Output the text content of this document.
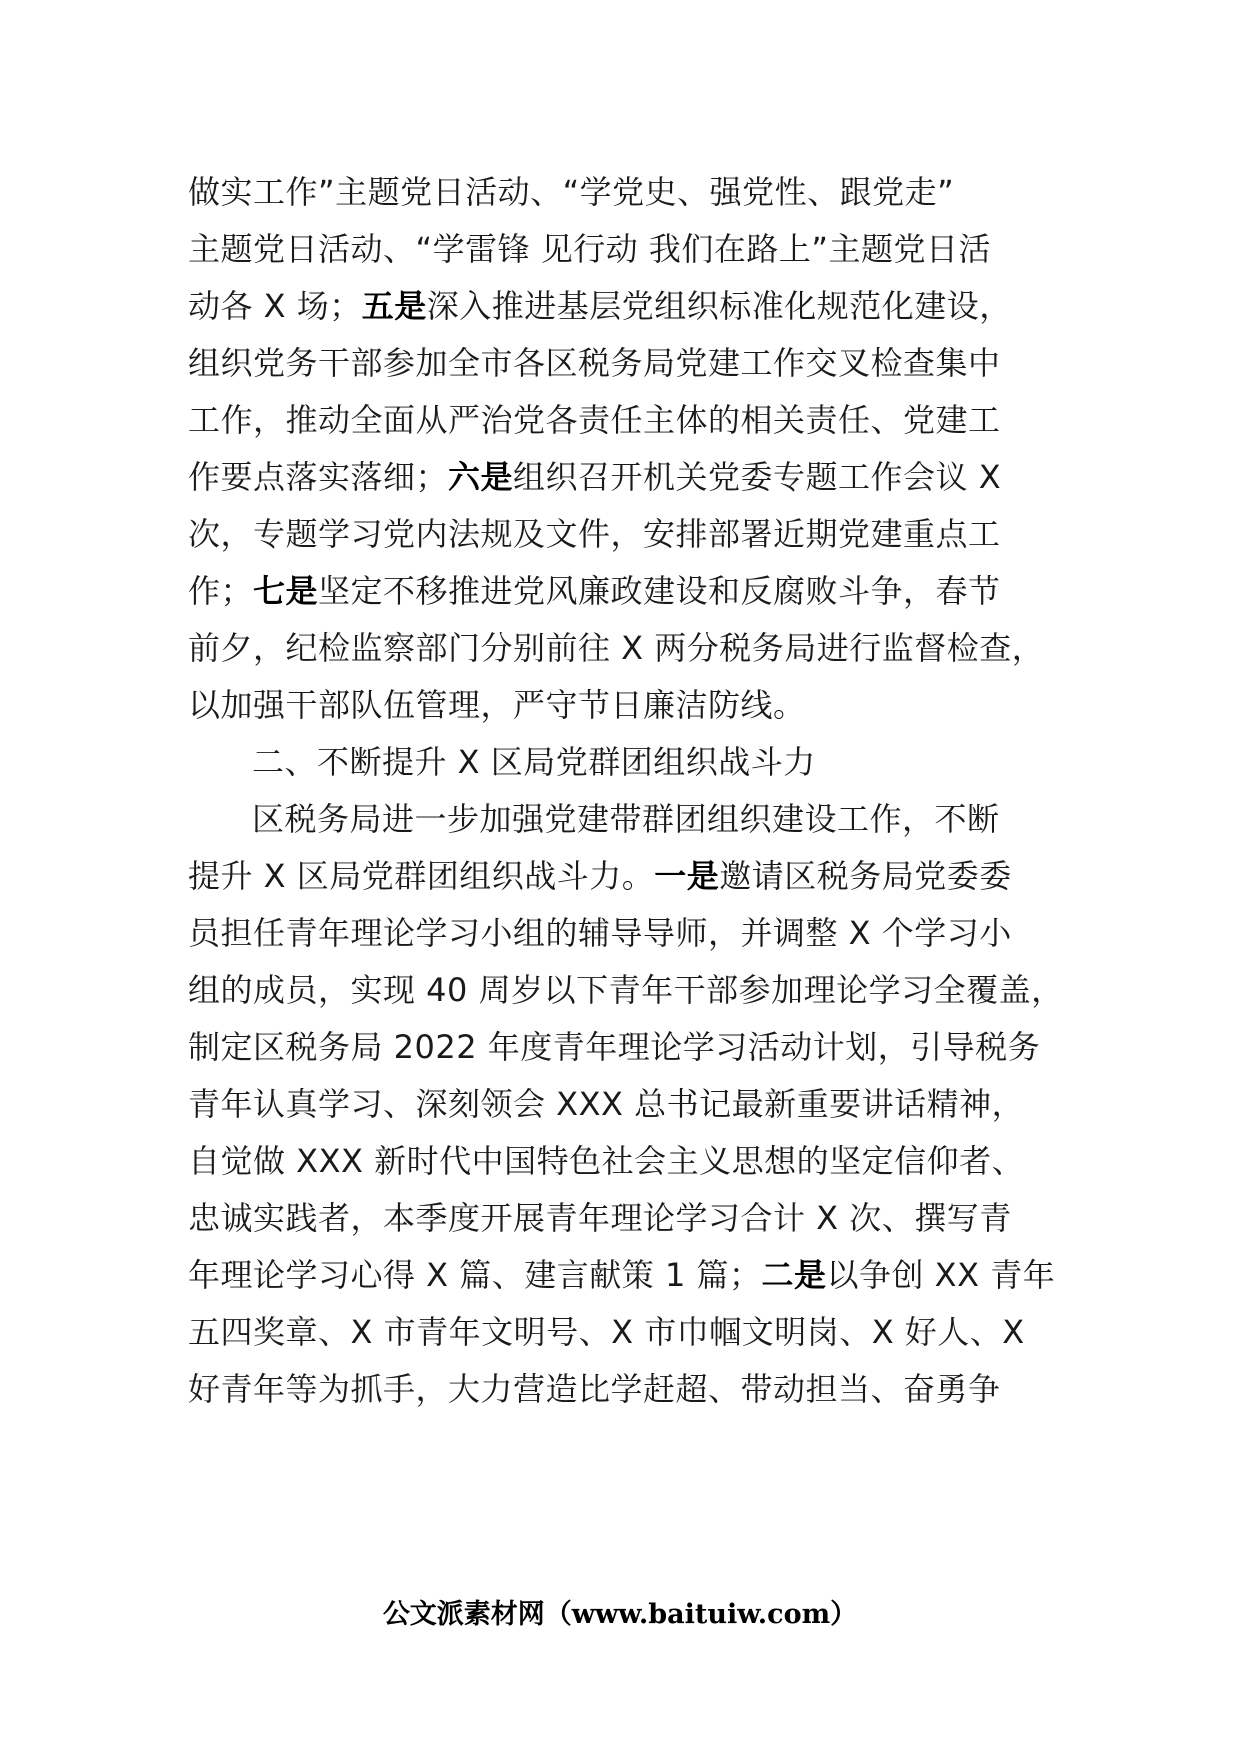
做实工作”主题党日活动、“学党史、强党性、跟党走”
主题党日活动、“学雷锋 见行动 我们在路上”主题党日活
动各 X 场；五是深入推进基层党组织标准化规范化建设，
组织党务干部参加全市各区税务局党建工作交叉检查集中
工作，推动全面从严治党各责任主体的相关责任、党建工
作要点落实落细；六是组织召开机关党委专题工作会议 X
次，专题学习党内法规及文件，安排部署近期党建重点工
作；七是坚定不移推进党风廉政建设和反腐败斗争，春节
前夕，纪检监察部门分别前往 X 两分税务局进行监督检查，
以加强干部队伍管理，严守节日廉洁防线。
二、不断提升 X 区局党群团组织战斗力
区税务局进一步加强党建带群团组织建设工作，不断
提升 X 区局党群团组织战斗力。一是邀请区税务局党委委
员担任青年理论学习小组的辅导导师，并调整 X 个学习小
组的成员，实现 40 周岁以下青年干部参加理论学习全覆盖，
制定区税务局 2022 年度青年理论学习活动计划，引导税务
青年认真学习、深刻领会 XXX 总书记最新重要讲话精神，
自觉做 XXX 新时代中国特色社会主义思想的坚定信仰者、
忠诚实践者，本季度开展青年理论学习合计 X 次、撰写青
年理论学习心得 X 篇、建言献策 1 篇；二是以争创 XX 青年
五四奖章、X 市青年文明号、X 市巾帼文明岗、X 好人、X
好青年等为抓手，大力营造比学赶超、带动担当、奋勇争
公文派素材网（www.baituiw.com）
